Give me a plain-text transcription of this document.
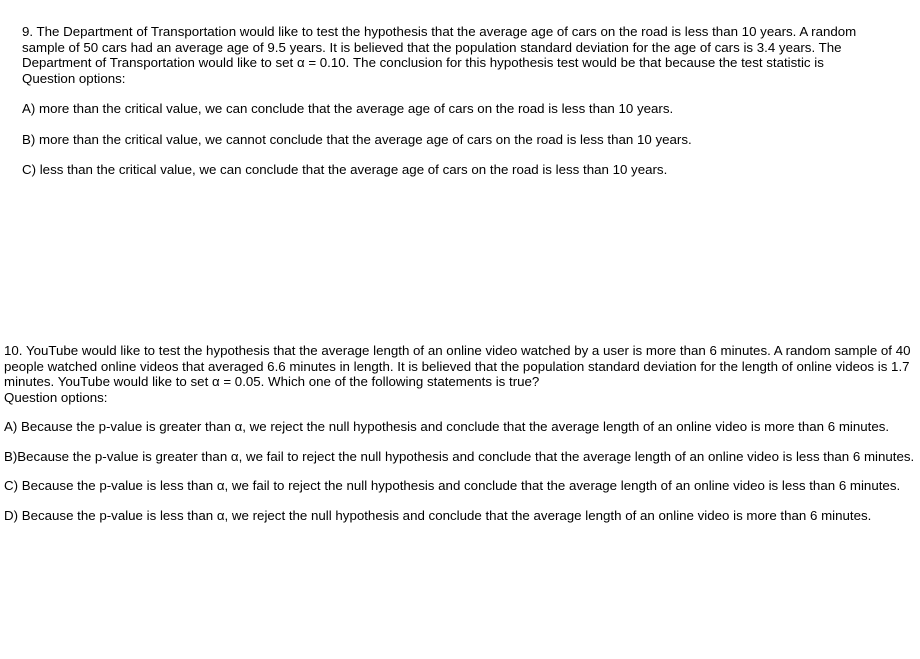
9. The Department of Transportation would like to test the hypothesis that the average age of cars on the road is less than 10 years. A random sample of 50 cars had an average age of 9.5 years. It is believed that the population standard deviation for the age of cars is 3.4 years. The Department of Transportation would like to set α = 0.10. The conclusion for this hypothesis test would be that because the test statistic is

Question options:

A) more than the critical value, we can conclude that the average age of cars on the road is less than 10 years.

B) more than the critical value, we cannot conclude that the average age of cars on the road is less than 10 years.

C) less than the critical value, we can conclude that the average age of cars on the road is less than 10 years.

10. YouTube would like to test the hypothesis that the average length of an online video watched by a user is more than 6 minutes. A random sample of 40 people watched online videos that averaged 6.6 minutes in length. It is believed that the population standard deviation for the length of online videos is 1.7 minutes. YouTube would like to set α = 0.05. Which one of the following statements is true?

Question options:

A) Because the p-value is greater than α, we reject the null hypothesis and conclude that the average length of an online video is more than 6 minutes.

B)Because the p-value is greater than α, we fail to reject the null hypothesis and conclude that the average length of an online video is less than 6 minutes.

C) Because the p-value is less than α, we fail to reject the null hypothesis and conclude that the average length of an online video is less than 6 minutes.

D) Because the p-value is less than α, we reject the null hypothesis and conclude that the average length of an online video is more than 6 minutes.
